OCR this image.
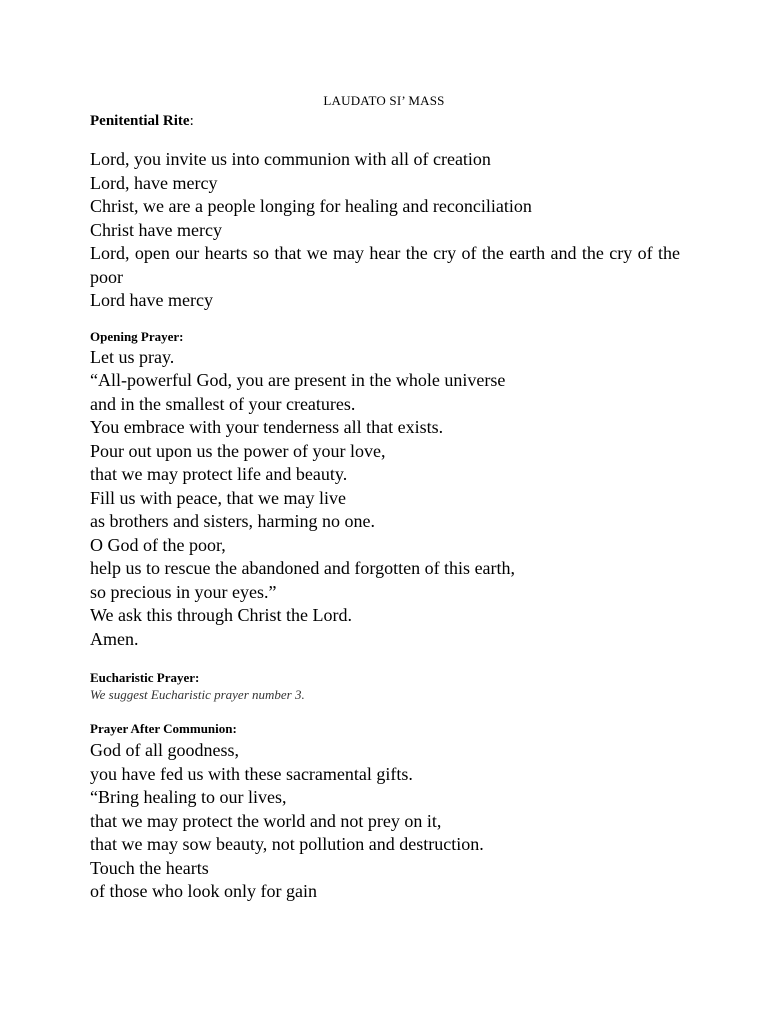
LAUDATO SI’ MASS

Penitential Rite:

Lord, you invite us into communion with all of creation

Lord, have mercy

Christ, we are a people longing for healing and reconciliation

Christ have mercy

Lord, open our hearts so that we may hear the cry of the earth and the cry of the poor

Lord have mercy

Opening Prayer:

Let us pray.

“All-powerful God, you are present in the whole universe

and in the smallest of your creatures.

You embrace with your tenderness all that exists.

Pour out upon us the power of your love,

that we may protect life and beauty.

Fill us with peace, that we may live

as brothers and sisters, harming no one.

O God of the poor,

help us to rescue the abandoned and forgotten of this earth,

so precious in your eyes.”

We ask this through Christ the Lord.

Amen.

Eucharistic Prayer:

We suggest Eucharistic prayer number 3.

Prayer After Communion:

God of all goodness,

you have fed us with these sacramental gifts.

“Bring healing to our lives,

that we may protect the world and not prey on it,

that we may sow beauty, not pollution and destruction.

Touch the hearts

of those who look only for gain
